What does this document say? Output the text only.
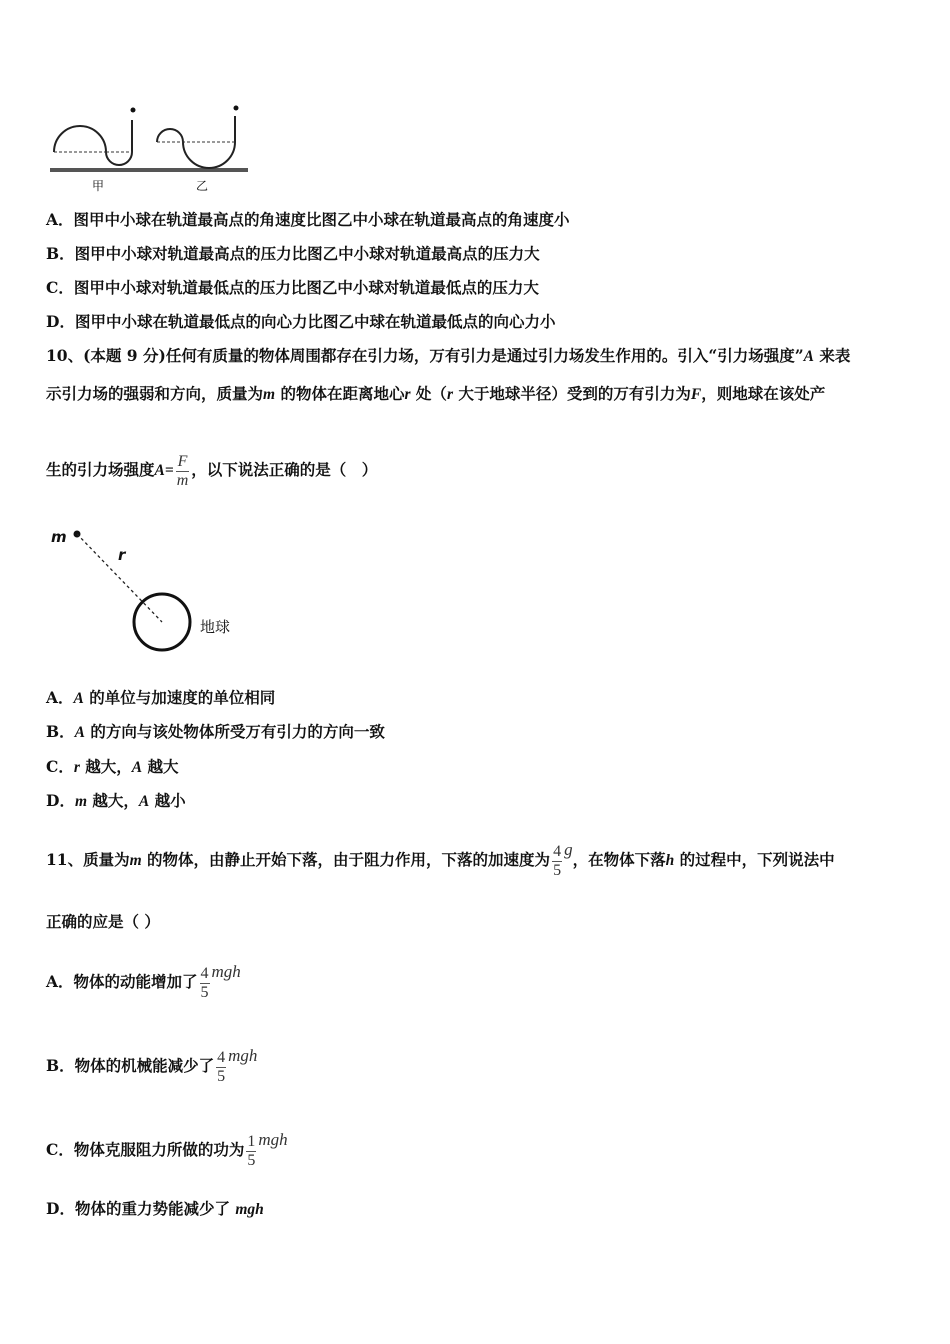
甲	乙
A．图甲中小球在轨道最高点的角速度比图乙中小球在轨道最高点的角速度小
B．图甲中小球对轨道最高点的压力比图乙中小球对轨道最高点的压力大
C．图甲中小球对轨道最低点的压力比图乙中小球对轨道最低点的压力大
D．图甲中小球在轨道最低点的向心力比图乙中球在轨道最低点的向心力小
10、(本题 9 分)任何有质量的物体周围都存在引力场，万有引力是通过引力场发生作用的。引入“引力场强度”A 来表
示引力场的强弱和方向，质量为m 的物体在距离地心r 处（r 大于地球半径）受到的万有引力为F，则地球在该处产
生的引力场强度$A= \frac{F}{m}$ ，以下说法正确的是（　）
m
r
地球
A．A 的单位与加速度的单位相同
B．A 的方向与该处物体所受万有引力的方向一致
C．r 越大，A 越大
D．m 越大，A 越小
11、质量为m 的物体，由静止开始下落，由于阻力作用，下落的加速度为 $\frac{4}{5}$ g，在物体下落h 的过程中，下列说法中
正确的应是（ ）
A．物体的动能增加了 $\frac{4}{5}$ mgh
B．物体的机械能减少了 $\frac{4}{5}$ mgh
C．物体克服阻力所做的功为 $\frac{1}{5}$ mgh
D．物体的重力势能减少了 mgh
